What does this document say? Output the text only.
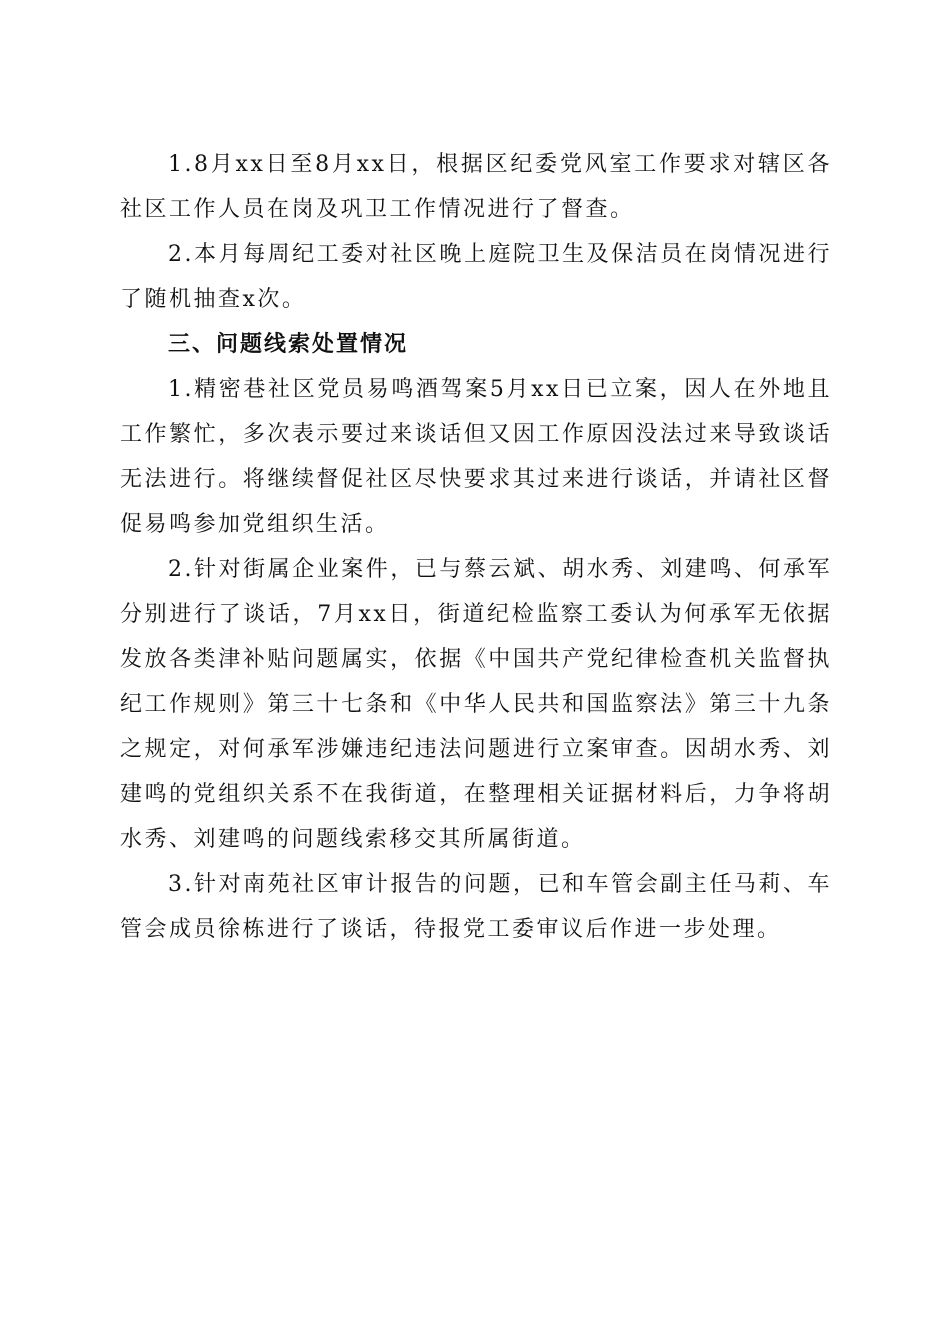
1.8月xx日至8月xx日，根据区纪委党风室工作要求对辖区各社区工作人员在岗及巩卫工作情况进行了督查。

2.本月每周纪工委对社区晚上庭院卫生及保洁员在岗情况进行了随机抽查x次。

三、问题线索处置情况

1.精密巷社区党员易鸣酒驾案5月xx日已立案，因人在外地且工作繁忙，多次表示要过来谈话但又因工作原因没法过来导致谈话无法进行。将继续督促社区尽快要求其过来进行谈话，并请社区督促易鸣参加党组织生活。

2.针对街属企业案件，已与蔡云斌、胡水秀、刘建鸣、何承军分别进行了谈话，7月xx日，街道纪检监察工委认为何承军无依据发放各类津补贴问题属实，依据《中国共产党纪律检查机关监督执纪工作规则》第三十七条和《中华人民共和国监察法》第三十九条之规定，对何承军涉嫌违纪违法问题进行立案审查。因胡水秀、刘建鸣的党组织关系不在我街道，在整理相关证据材料后，力争将胡水秀、刘建鸣的问题线索移交其所属街道。

3.针对南苑社区审计报告的问题，已和车管会副主任马莉、车管会成员徐栋进行了谈话，待报党工委审议后作进一步处理。
